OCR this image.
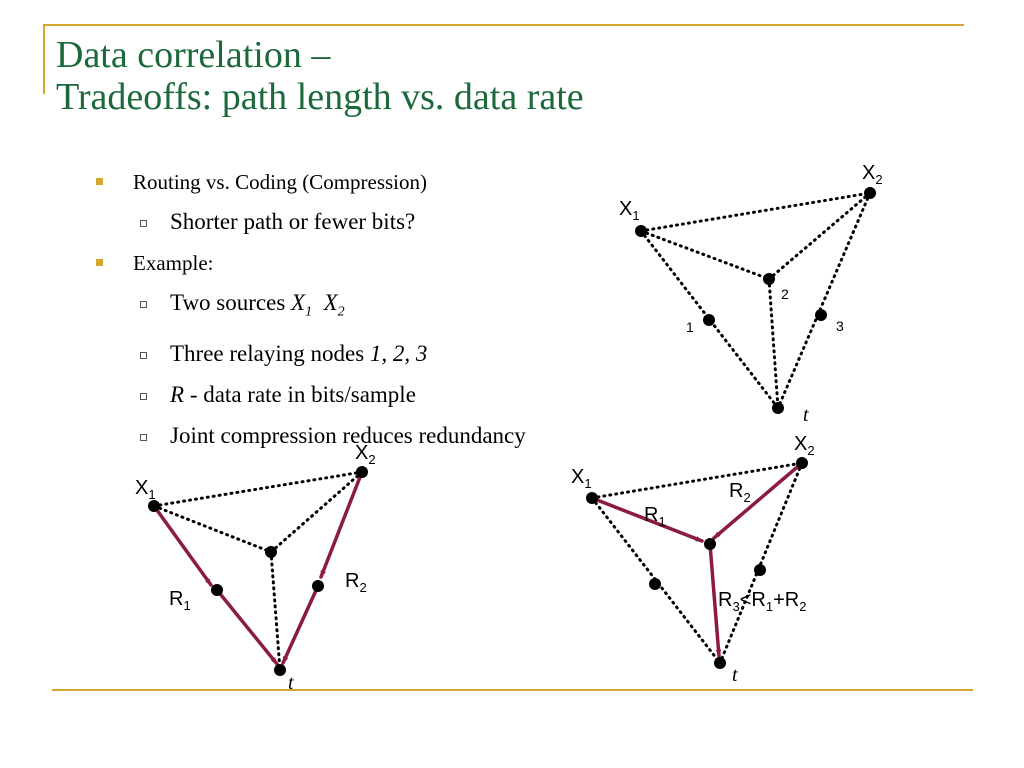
Data correlation –
Tradeoffs: path length vs. data rate
Routing vs. Coding (Compression)
Shorter path or fewer bits?
Example:
Two sources $X_1$ $X_2$
Three relaying nodes 1, 2, 3
R - data rate in bits/sample
Joint compression reduces redundancy
$X_1$
$X_2$
1
2
3
t
$X_1$
$X_2$
$R_1$
$R_2$
t
$X_1$
$X_2$
$R_1$
$R_2$
$R_3<R_1+R_2$
t
